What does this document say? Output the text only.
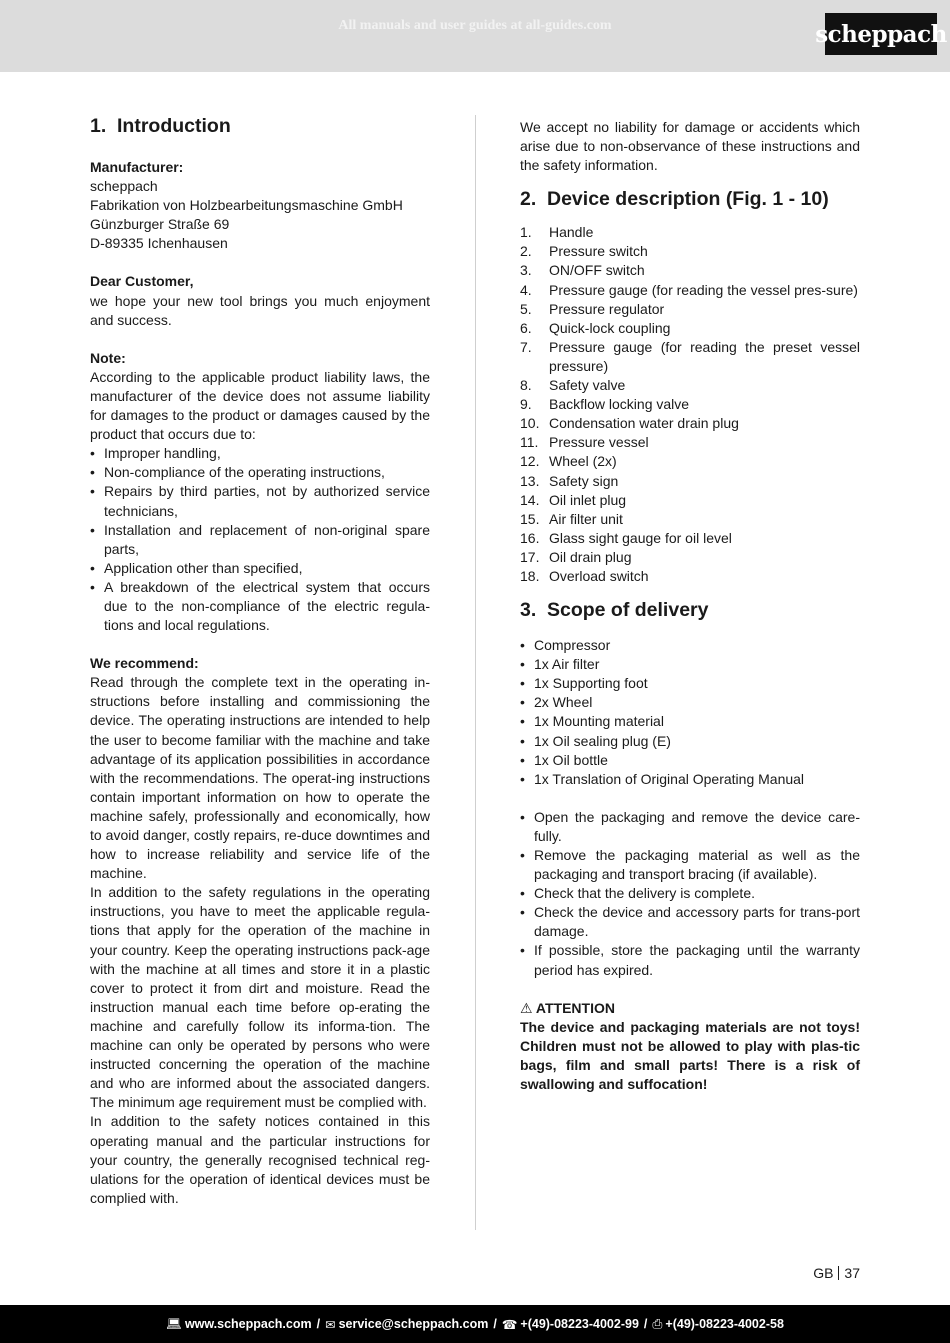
All manuals and user guides at all-guides.com	scheppach
1. Introduction

Manufacturer:

scheppach

Fabrikation von Holzbearbeitungsmaschine GmbH

Günzburger Straße 69

D-89335 Ichenhausen

Dear Customer,

we hope your new tool brings you much enjoyment and success.

Note:

According to the applicable product liability laws, the manufacturer of the device does not assume liability for damages to the product or damages caused by the product that occurs due to:

• Improper handling,
• Non-compliance of the operating instructions,
• Repairs by third parties, not by authorized service technicians,
• Installation and replacement of non-original spare parts,
• Application other than specified,
• A breakdown of the electrical system that occurs due to the non-compliance of the electric regula-tions and local regulations.

We recommend:

Read through the complete text in the operating in-structions before installing and commissioning the device. The operating instructions are intended to help the user to become familiar with the machine and take advantage of its application possibilities in accordance with the recommendations. The operat-ing instructions contain important information on how to operate the machine safely, professionally and economically, how to avoid danger, costly repairs, re-duce downtimes and how to increase reliability and service life of the machine.

In addition to the safety regulations in the operating instructions, you have to meet the applicable regula-tions that apply for the operation of the machine in your country. Keep the operating instructions pack-age with the machine at all times and store it in a plastic cover to protect it from dirt and moisture. Read the instruction manual each time before op-erating the machine and carefully follow its informa-tion. The machine can only be operated by persons who were instructed concerning the operation of the machine and who are informed about the associated dangers. The minimum age requirement must be complied with.

In addition to the safety notices contained in this operating manual and the particular instructions for your country, the generally recognised technical reg-ulations for the operation of identical devices must be complied with.

We accept no liability for damage or accidents which arise due to non-observance of these instructions and the safety information.

2. Device description (Fig. 1 - 10)
1. Handle
2. Pressure switch
3. ON/OFF switch
4. Pressure gauge (for reading the vessel pres-sure)
5. Pressure regulator
6. Quick-lock coupling
7. Pressure gauge (for reading the preset vessel pressure)
8. Safety valve
9. Backflow locking valve
10. Condensation water drain plug
11. Pressure vessel
12. Wheel (2x)
13. Safety sign
14. Oil inlet plug
15. Air filter unit
16. Glass sight gauge for oil level
17. Oil drain plug
18. Overload switch
3. Scope of delivery
• Compressor
• 1x Air filter
• 1x Supporting foot
• 2x Wheel
• 1x Mounting material
• 1x Oil sealing plug (E)
• 1x Oil bottle
• 1x Translation of Original Operating Manual
• Open the packaging and remove the device care-fully.
• Remove the packaging material as well as the packaging and transport bracing (if available).
• Check that the delivery is complete.
• Check the device and accessory parts for trans-port damage.
• If possible, store the packaging until the warranty period has expired.

⚠ ATTENTION

The device and packaging materials are not toys! Children must not be allowed to play with plas-tic bags, film and small parts! There is a risk of swallowing and suffocation!

GB 37
💻︎ www.scheppach.com / ✉︎ service@scheppach.com / ☎ +(49)-08223-4002-99 / ⎙ +(49)-08223-4002-58
